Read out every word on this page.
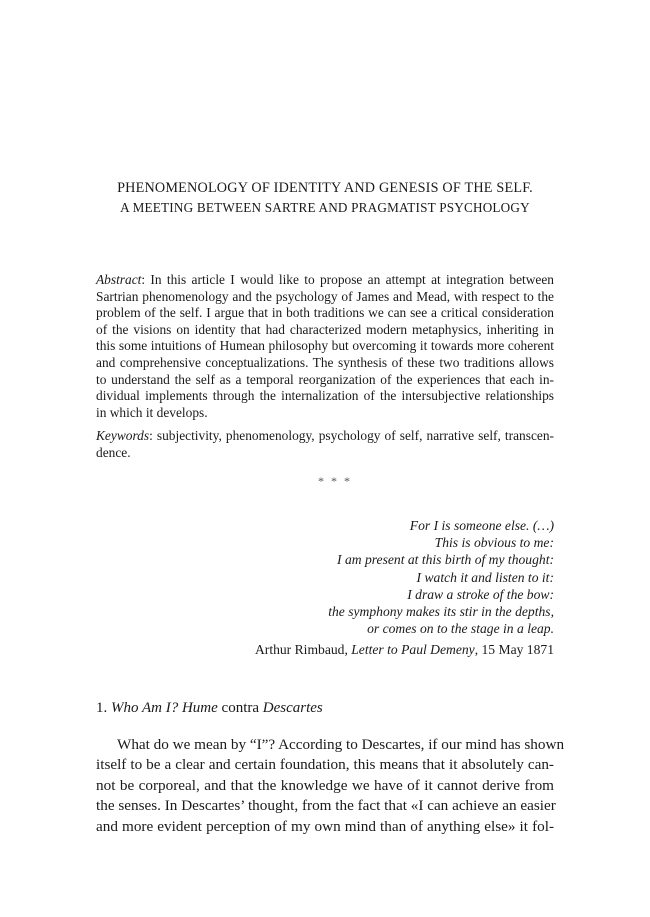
PHENOMENOLOGY OF IDENTITY AND GENESIS OF THE SELF.
A MEETING BETWEEN SARTRE AND PRAGMATIST PSYCHOLOGY
Abstract: In this article I would like to propose an attempt at integration between
Sartrian phenomenology and the psychology of James and Mead, with respect to the
problem of the self. I argue that in both traditions we can see a critical consideration
of the visions on identity that had characterized modern metaphysics, inheriting in
this some intuitions of Humean philosophy but overcoming it towards more coherent
and comprehensive conceptualizations. The synthesis of these two traditions allows
to understand the self as a temporal reorganization of the experiences that each in-
dividual implements through the internalization of the intersubjective relationships
in which it develops.
Keywords: subjectivity, phenomenology, psychology of self, narrative self, transcen-
dence.
* * *
For I is someone else. (…)
This is obvious to me:
I am present at this birth of my thought:
I watch it and listen to it:
I draw a stroke of the bow:
the symphony makes its stir in the depths,
or comes on to the stage in a leap.
Arthur Rimbaud, Letter to Paul Demeny, 15 May 1871
1. Who Am I? Hume contra Descartes
What do we mean by “I”? According to Descartes, if our mind has shown
itself to be a clear and certain foundation, this means that it absolutely can-
not be corporeal, and that the knowledge we have of it cannot derive from
the senses. In Descartes’ thought, from the fact that «I can achieve an easier
and more evident perception of my own mind than of anything else» it fol-
